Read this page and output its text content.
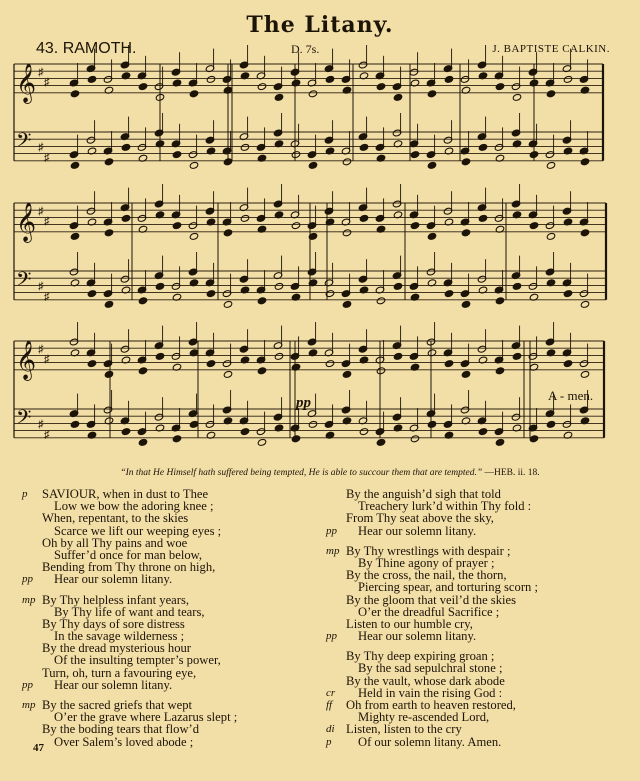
The Litany.
43. RAMOTH.	D. 7s.	J. BAPTISTE CALKIN.
𝄞 ♯
♯
𝄢 ♯
♯
𝄞 ♯
♯
𝄢 ♯
♯
𝄞 ♯
♯
𝄢 ♯
♯
A - men.
pp
“In that He Himself hath suffered being tempted, He is able to succour them that are tempted.” —HEB. ii. 18.
p SAVIOUR, when in dust to Thee
Low we bow the adoring knee ;
When, repentant, to the skies
Scarce we lift our weeping eyes ;
Oh by all Thy pains and woe
Suffer’d once for man below,
Bending from Thy throne on high,
pp Hear our solemn litany.
mp By Thy helpless infant years,
By Thy life of want and tears,
By Thy days of sore distress
In the savage wilderness ;
By the dread mysterious hour
Of the insulting tempter’s power,
Turn, oh, turn a favouring eye,
pp Hear our solemn litany.
mp By the sacred griefs that wept
O’er the grave where Lazarus slept ;
By the boding tears that flow’d
Over Salem’s loved abode ;
By the anguish’d sigh that told
Treachery lurk’d within Thy fold :
From Thy seat above the sky,
pp Hear our solemn litany.
mp By Thy wrestlings with despair ;
By Thine agony of prayer ;
By the cross, the nail, the thorn,
Piercing spear, and torturing scorn ;
By the gloom that veil’d the skies
O’er the dreadful Sacrifice ;
Listen to our humble cry,
pp Hear our solemn litany.
By Thy deep expiring groan ;
By the sad sepulchral stone ;
By the vault, whose dark abode
cr Held in vain the rising God :
ff Oh from earth to heaven restored,
Mighty re-ascended Lord,
di Listen, listen to the cry
p Of our solemn litany. Amen.
47
